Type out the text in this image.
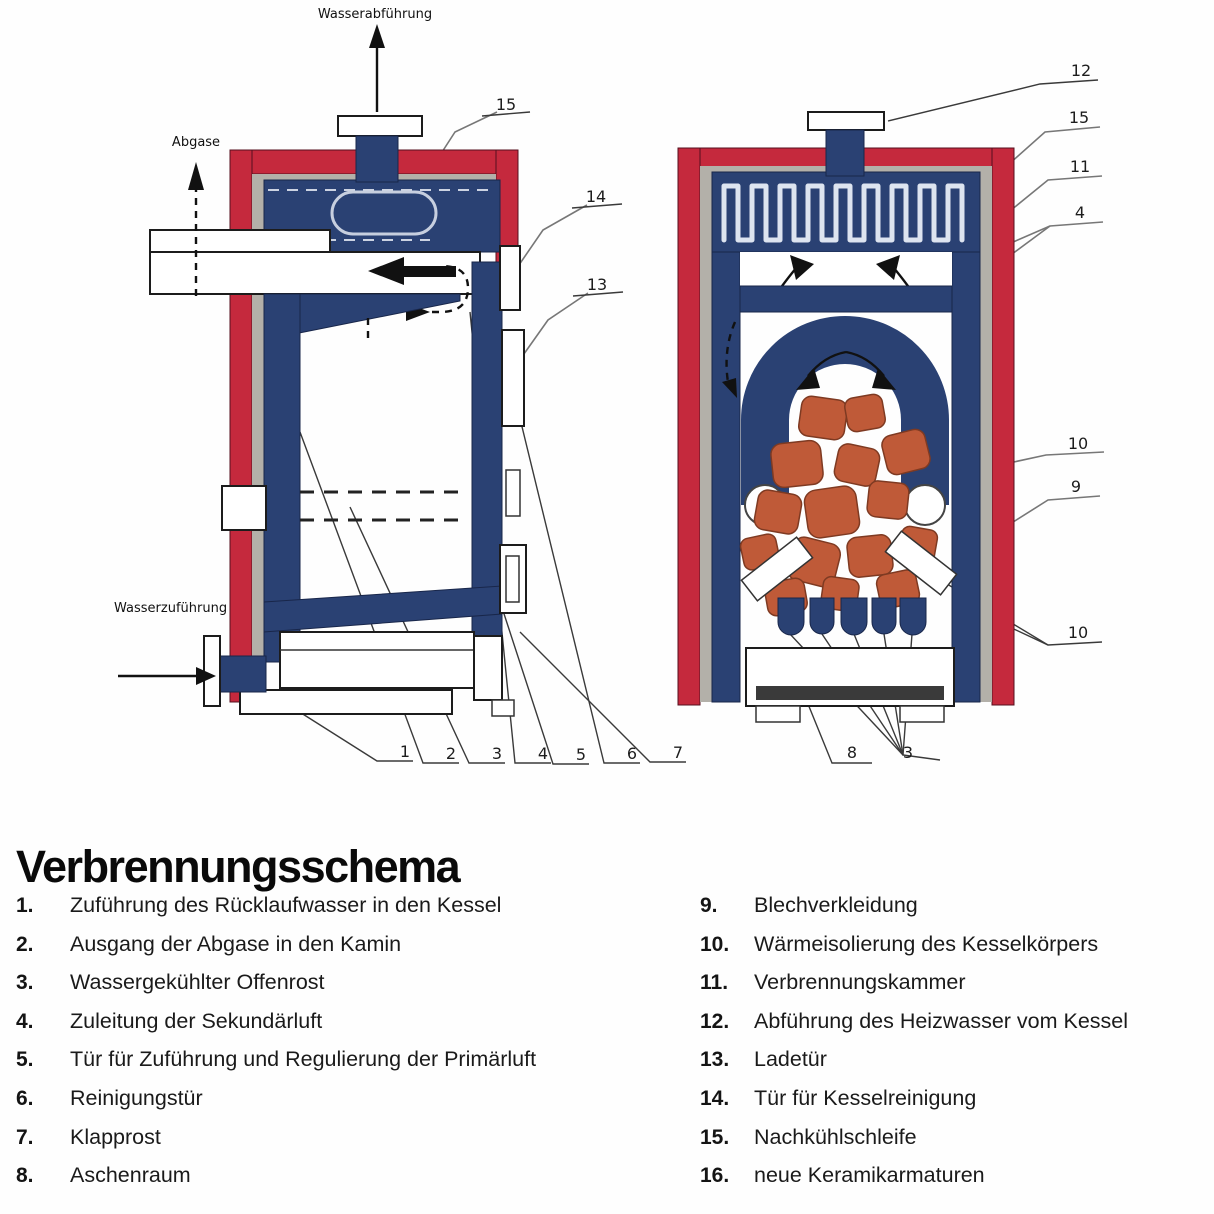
Wasserabführung
Abgase
Wasserzuführung
15
14
13
1 2 3 4 5	6 7
12
15
11
4
10
9
10
8	3
Verbrennungsschema
1.	Zuführung des Rücklaufwasser in den Kessel
2.	Ausgang der Abgase in den Kamin
3.	Wassergekühlter Offenrost
4.	Zuleitung der Sekundärluft
5.	Tür für Zuführung und Regulierung der Primärluft
6.	Reinigungstür
7.	Klapprost
8.	Aschenraum
9.	Blechverkleidung
10.	Wärmeisolierung des Kesselkörpers
11.	Verbrennungskammer
12.	Abführung des Heizwasser vom Kessel
13.	Ladetür
14.	Tür für Kesselreinigung
15.	Nachkühlschleife
16.	neue Keramikarmaturen
